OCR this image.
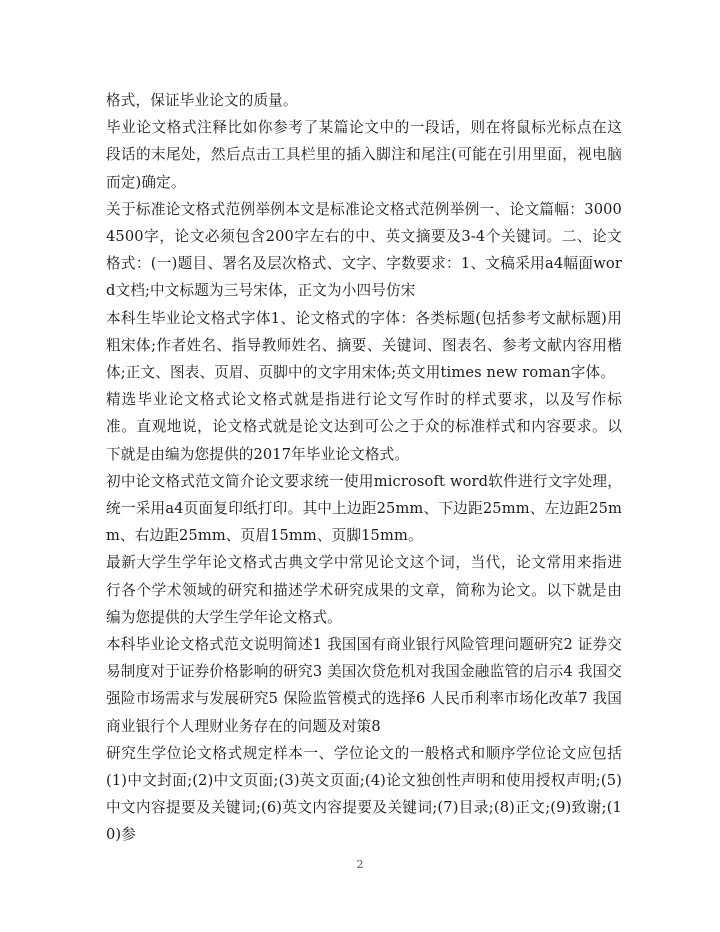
格式，保证毕业论文的质量。

毕业论文格式注释比如你参考了某篇论文中的一段话，则在将鼠标光标点在这段话的末尾处，然后点击工具栏里的插入脚注和尾注(可能在引用里面，视电脑而定)确定。

关于标准论文格式范例举例本文是标准论文格式范例举例一、论文篇幅：30004500字，论文必须包含200字左右的中、英文摘要及3-4个关键词。二、论文格式：(一)题目、署名及层次格式、文字、字数要求：1、文稿采用a4幅面word文档;中文标题为三号宋体，正文为小四号仿宋

本科生毕业论文格式字体1、论文格式的字体：各类标题(包括参考文献标题)用粗宋体;作者姓名、指导教师姓名、摘要、关键词、图表名、参考文献内容用楷体;正文、图表、页眉、页脚中的文字用宋体;英文用times new roman字体。

精选毕业论文格式论文格式就是指进行论文写作时的样式要求，以及写作标准。直观地说，论文格式就是论文达到可公之于众的标准样式和内容要求。以下就是由编为您提供的2017年毕业论文格式。

初中论文格式范文简介论文要求统一使用microsoft word软件进行文字处理，统一采用a4页面复印纸打印。其中上边距25mm、下边距25mm、左边距25mm、右边距25mm、页眉15mm、页脚15mm。

最新大学生学年论文格式古典文学中常见论文这个词，当代，论文常用来指进行各个学术领域的研究和描述学术研究成果的文章，简称为论文。以下就是由编为您提供的大学生学年论文格式。

本科毕业论文格式范文说明简述1 我国国有商业银行风险管理问题研究2 证券交易制度对于证券价格影响的研究3 美国次贷危机对我国金融监管的启示4 我国交强险市场需求与发展研究5 保险监管模式的选择6 人民币利率市场化改革7 我国商业银行个人理财业务存在的问题及对策8

研究生学位论文格式规定样本一、学位论文的一般格式和顺序学位论文应包括(1)中文封面;(2)中文页面;(3)英文页面;(4)论文独创性声明和使用授权声明;(5)中文内容提要及关键词;(6)英文内容提要及关键词;(7)目录;(8)正文;(9)致谢;(10)参

2
